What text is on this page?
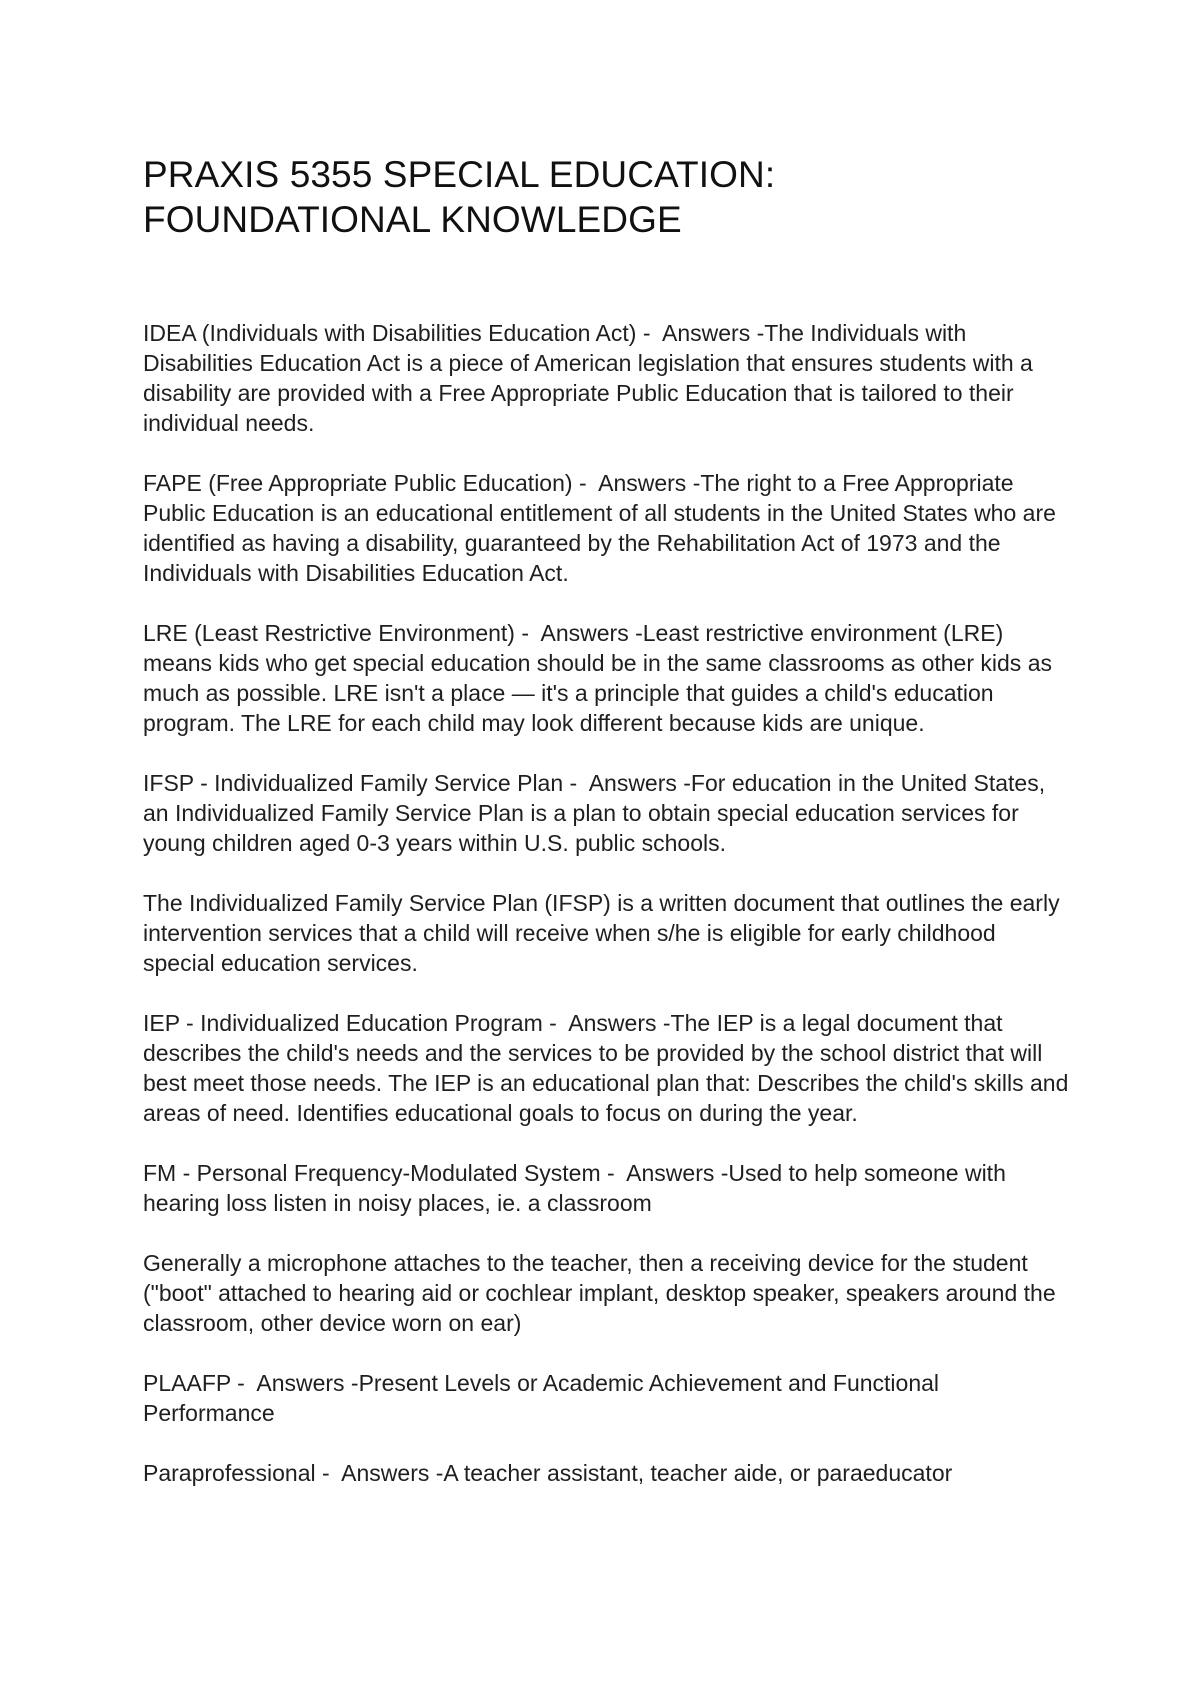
PRAXIS 5355 SPECIAL EDUCATION: FOUNDATIONAL KNOWLEDGE

IDEA (Individuals with Disabilities Education Act) -  Answers -The Individuals with Disabilities Education Act is a piece of American legislation that ensures students with a disability are provided with a Free Appropriate Public Education that is tailored to their individual needs.

FAPE (Free Appropriate Public Education) -  Answers -The right to a Free Appropriate Public Education is an educational entitlement of all students in the United States who are identified as having a disability, guaranteed by the Rehabilitation Act of 1973 and the Individuals with Disabilities Education Act.

LRE (Least Restrictive Environment) -  Answers -Least restrictive environment (LRE) means kids who get special education should be in the same classrooms as other kids as much as possible. LRE isn't a place — it's a principle that guides a child's education program. The LRE for each child may look different because kids are unique.

IFSP - Individualized Family Service Plan -  Answers -For education in the United States, an Individualized Family Service Plan is a plan to obtain special education services for young children aged 0-3 years within U.S. public schools.

The Individualized Family Service Plan (IFSP) is a written document that outlines the early intervention services that a child will receive when s/he is eligible for early childhood special education services.

IEP - Individualized Education Program -  Answers -The IEP is a legal document that describes the child's needs and the services to be provided by the school district that will best meet those needs. The IEP is an educational plan that: Describes the child's skills and areas of need. Identifies educational goals to focus on during the year.

FM - Personal Frequency-Modulated System -  Answers -Used to help someone with hearing loss listen in noisy places, ie. a classroom

Generally a microphone attaches to the teacher, then a receiving device for the student ("boot" attached to hearing aid or cochlear implant, desktop speaker, speakers around the classroom, other device worn on ear)

PLAAFP -  Answers -Present Levels or Academic Achievement and Functional Performance

Paraprofessional -  Answers -A teacher assistant, teacher aide, or paraeducator
